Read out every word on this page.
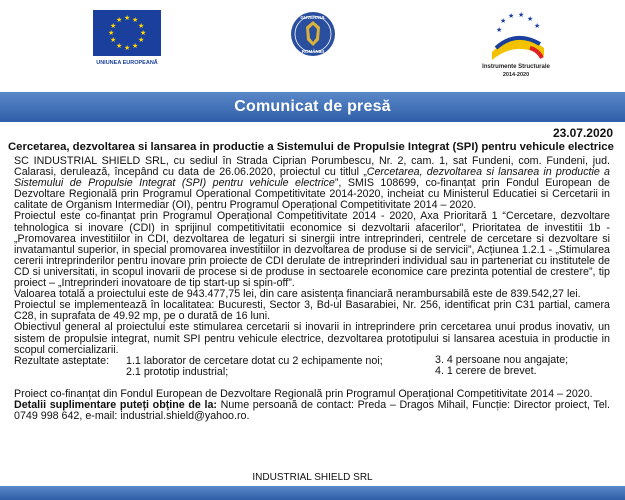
★ ★
★
★
★
★
★
★
★
★
★
★
UNIUNEA EUROPEANĂ
GUVERNUL
ROMÂNIEI
★ ★ ★
★
★
★
Instrumente Structurale
2014-2020
Comunicat de presă
23.07.2020
Cercetarea, dezvoltarea si lansarea in productie a Sistemului de Propulsie Integrat (SPI) pentru vehicule electrice

SC INDUSTRIAL SHIELD SRL, cu sediul în Strada Ciprian Porumbescu, Nr. 2, cam. 1, sat Fundeni, com. Fundeni, jud. Calarasi, derulează, începând cu data de 26.06.2020, proiectul cu titlul „Cercetarea, dezvoltarea si lansarea in productie a Sistemului de Propulsie Integrat (SPI) pentru vehicule electrice”, SMIS 108699, co-finanțat prin Fondul European de Dezvoltare Regională prin Programul Operational Competitivitate 2014-2020, incheiat cu Ministerul Educatiei si Cercetarii in calitate de Organism Intermediar (OI), pentru Programul Operațional Competitivitate 2014 – 2020.

Proiectul este co-finanțat prin Programul Operațional Competitivitate 2014 - 2020, Axa Prioritară 1 “Cercetare, dezvoltare tehnologica si inovare (CDI) in sprijinul competitivitatii economice si dezvoltarii afacerilor”, Prioritatea de investitii 1b - „Promovarea investitiilor in CDI, dezvoltarea de legaturi si sinergii intre intreprinderi, centrele de cercetare si dezvoltare si invatamantul superior, in special promovarea investitiilor in dezvoltarea de produse si de servicii”, Acțiunea 1.2.1 - „Stimularea cererii intreprinderilor pentru inovare prin proiecte de CDI derulate de intreprinderi individual sau in parteneriat cu institutele de CD si universitati, in scopul inovarii de procese si de produse in sectoarele economice care prezinta potential de crestere”, tip proiect – „Intreprinderi inovatoare de tip start-up si spin-off”.

Valoarea totală a proiectului este de 943.477,75 lei, din care asistența financiară nerambursabilă este de 839.542,27 lei.

Proiectul se implementează în localitatea: Bucuresti, Sector 3, Bd-ul Basarabiei, Nr. 256, identificat prin C31 partial, camera C28, in suprafata de 49.92 mp, pe o durată de 16 luni.

Obiectivul general al proiectului este stimularea cercetarii si inovarii in intreprindere prin cercetarea unui produs inovativ, un sistem de propulsie integrat, numit SPI pentru vehicule electrice, dezvoltarea prototipului si lansarea acestuia in productie in scopul comercializarii.

Rezultate asteptate: 1.1 laborator de cercetare dotat cu 2 echipamente noi;
2.1 prototip industrial;
3. 4 persoane nou angajate;
4. 1 cerere de brevet.

Proiect co-finanțat din Fondul European de Dezvoltare Regională prin Programul Operațional Competitivitate 2014 – 2020.

Detalii suplimentare puteți obține de la: Nume persoană de contact: Preda – Dragos Mihail, Funcție: Director proiect, Tel. 0749 998 642, e-mail: industrial.shield@yahoo.ro.

INDUSTRIAL SHIELD SRL
